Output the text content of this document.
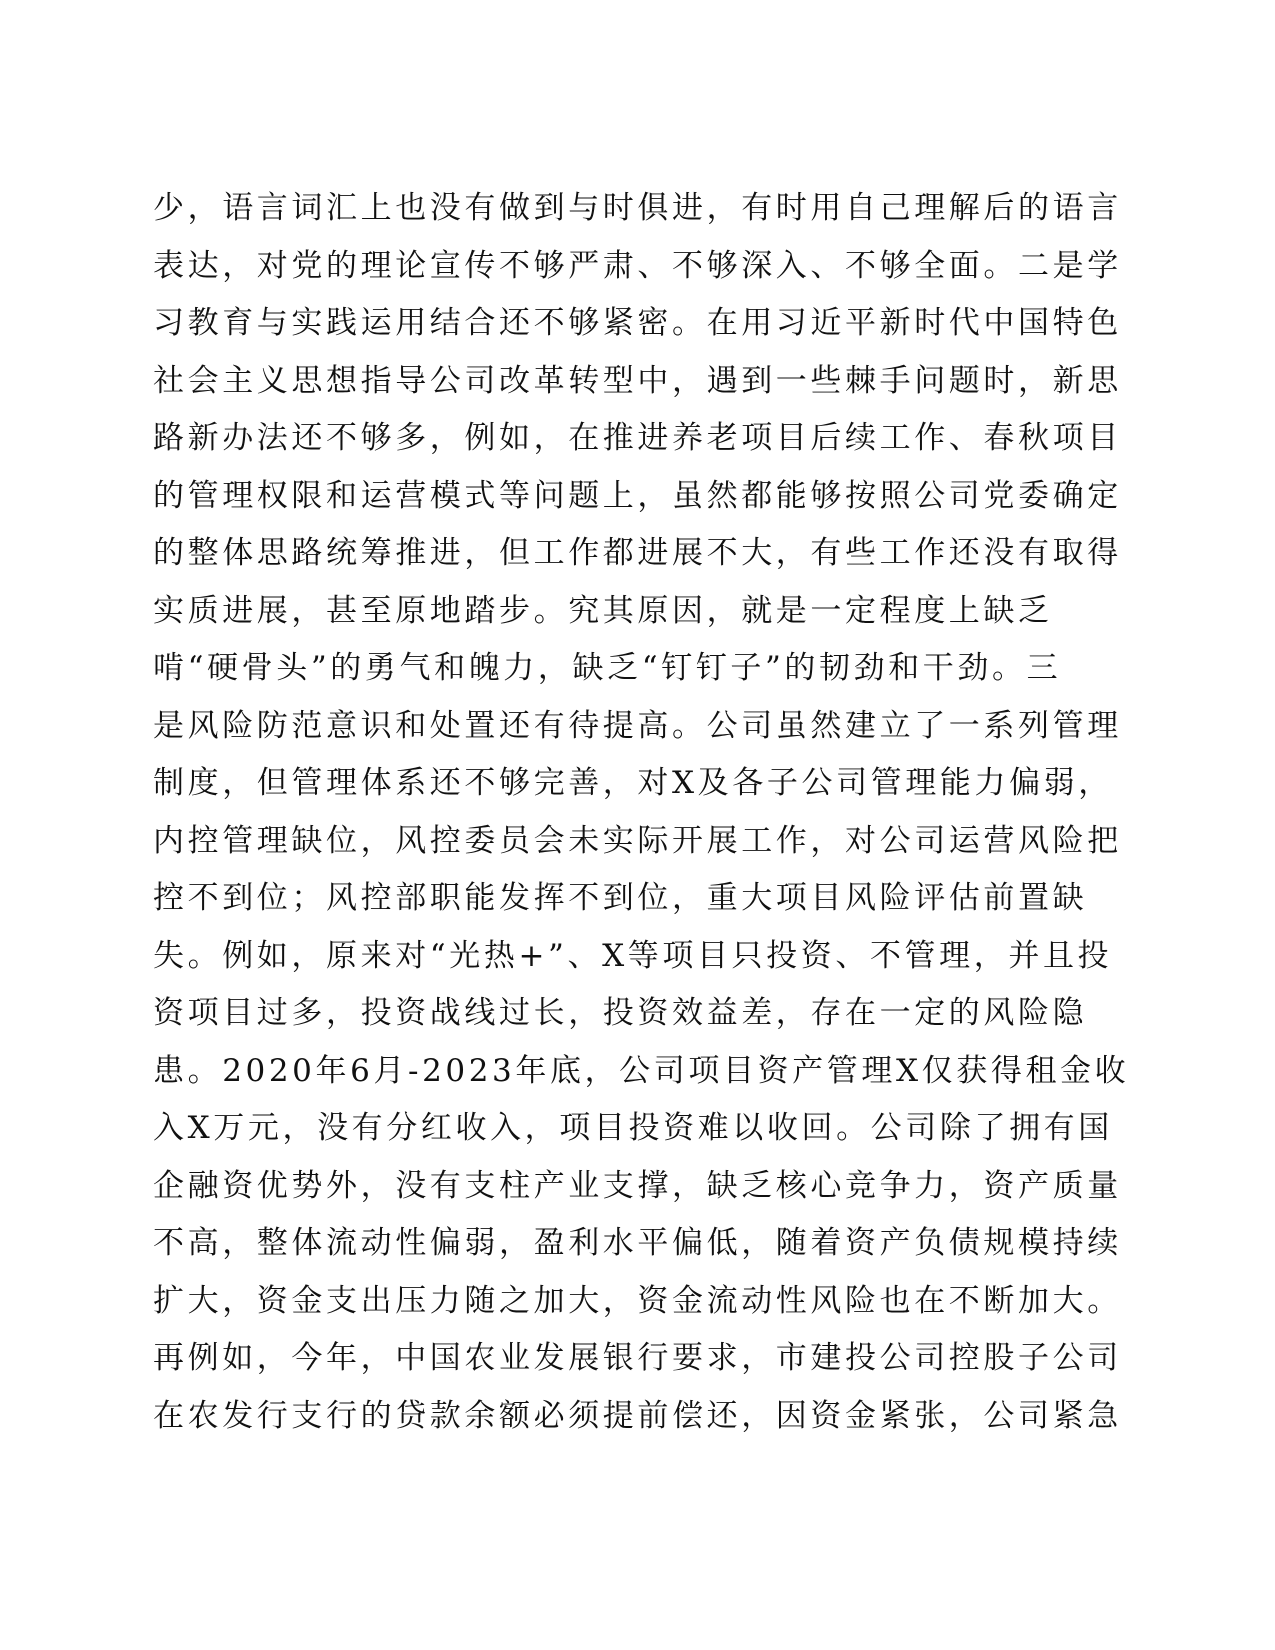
少，语言词汇上也没有做到与时俱进，有时用自己理解后的语言
表达，对党的理论宣传不够严肃、不够深入、不够全面。二是学
习教育与实践运用结合还不够紧密。在用习近平新时代中国特色
社会主义思想指导公司改革转型中，遇到一些棘手问题时，新思
路新办法还不够多，例如，在推进养老项目后续工作、春秋项目
的管理权限和运营模式等问题上，虽然都能够按照公司党委确定
的整体思路统筹推进，但工作都进展不大，有些工作还没有取得
实质进展，甚至原地踏步。究其原因，就是一定程度上缺乏
啃“硬骨头”的勇气和魄力，缺乏“钉钉子”的韧劲和干劲。三
是风险防范意识和处置还有待提高。公司虽然建立了一系列管理
制度，但管理体系还不够完善，对X及各子公司管理能力偏弱，
内控管理缺位，风控委员会未实际开展工作，对公司运营风险把
控不到位；风控部职能发挥不到位，重大项目风险评估前置缺
失。例如，原来对“光热+”、X等项目只投资、不管理，并且投
资项目过多，投资战线过长，投资效益差，存在一定的风险隐
患。2020年6月-2023年底，公司项目资产管理X仅获得租金收
入X万元，没有分红收入，项目投资难以收回。公司除了拥有国
企融资优势外，没有支柱产业支撑，缺乏核心竞争力，资产质量
不高，整体流动性偏弱，盈利水平偏低，随着资产负债规模持续
扩大，资金支出压力随之加大，资金流动性风险也在不断加大。
再例如，今年，中国农业发展银行要求，市建投公司控股子公司
在农发行支行的贷款余额必须提前偿还，因资金紧张，公司紧急
